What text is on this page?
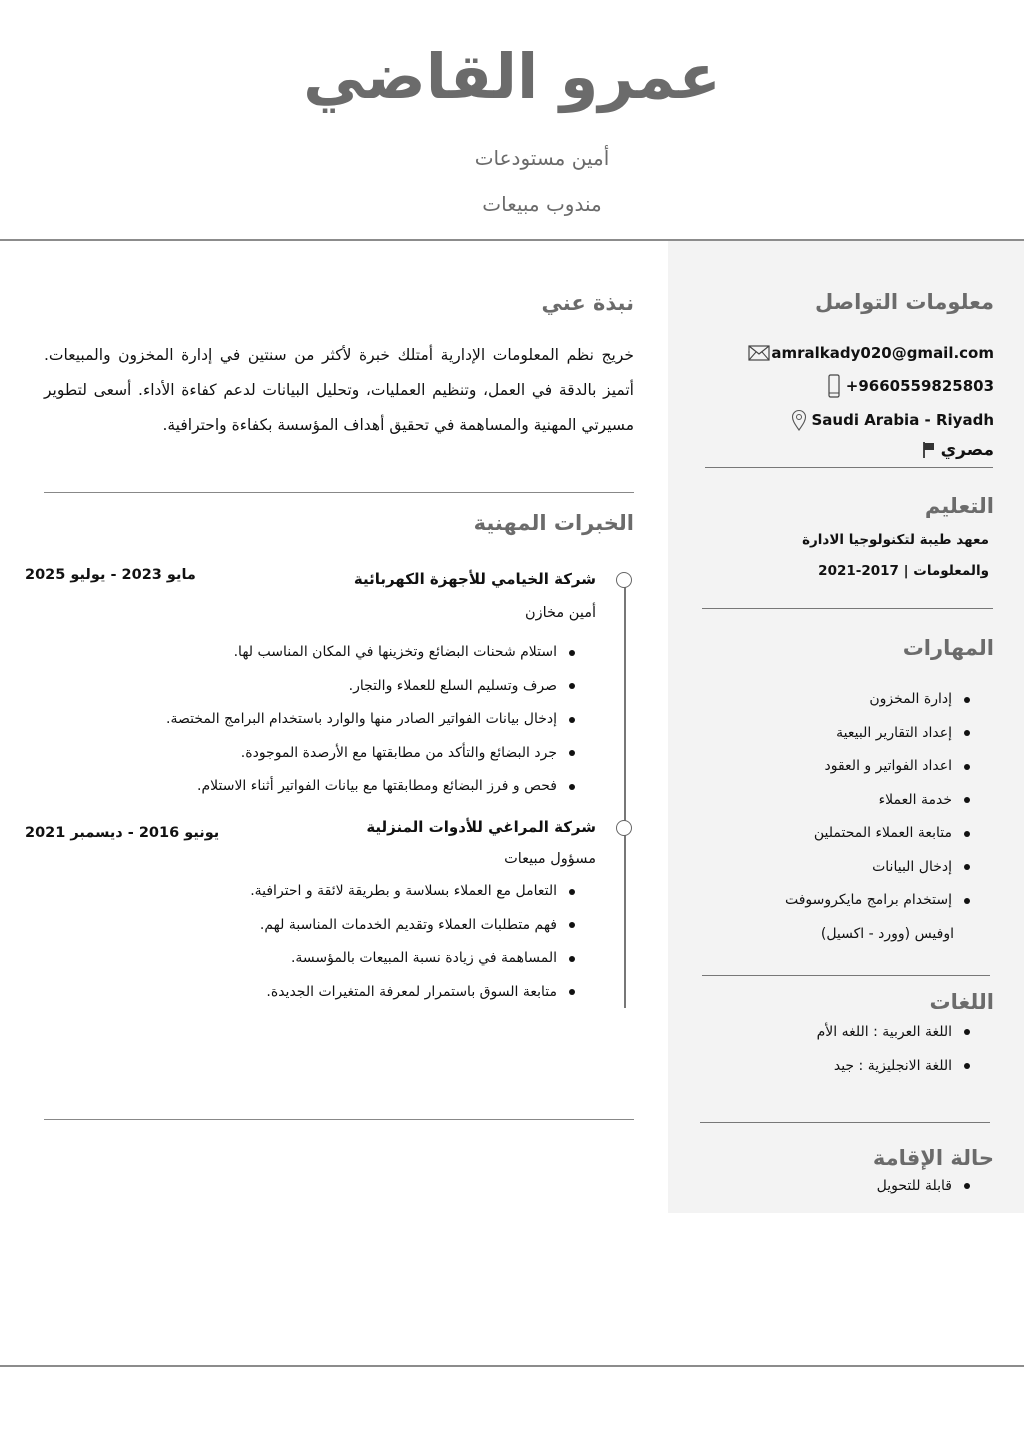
عمرو القاضي
أمين مستودعات
مندوب مبيعات
معلومات التواصل
amralkady020@gmail.com
+9660559825803
Saudi Arabia - Riyadh
مصري
التعليم
معهد طيبة لتكنولوجيا الادارة
والمعلومات | 2017-2021
المهارات
إدارة المخزون
إعداد التقارير البيعية
اعداد الفواتير و العقود
خدمة العملاء
متابعة العملاء المحتملين
إدخال البيانات
إستخدام برامج مايكروسوفت
اوفيس (وورد - اكسيل)
اللغات
اللغة العربية : اللغه الأم
اللغة الانجليزية : جيد
حالة الإقامة
قابلة للتحويل
نبذة عني
خريج نظم المعلومات الإدارية أمتلك خبرة لأكثر من سنتين في إدارة المخزون والمبيعات. أتميز بالدقة في العمل، وتنظيم العمليات، وتحليل البيانات لدعم كفاءة الأداء. أسعى لتطوير مسيرتي المهنية والمساهمة في تحقيق أهداف المؤسسة بكفاءة واحترافية.
الخبرات المهنية
شركة الخيامي للأجهزة الكهربائية
مايو 2023 - يوليو 2025
أمين مخازن
استلام شحنات البضائع وتخزينها في المكان المناسب لها.
صرف وتسليم السلع للعملاء والتجار.
إدخال بيانات الفواتير الصادر منها والوارد باستخدام البرامج المختصة.
جرد البضائع والتأكد من مطابقتها مع الأرصدة الموجودة.
فحص و فرز البضائع ومطابقتها مع بيانات الفواتير أثناء الاستلام.
شركة المراغي للأدوات المنزلية
يونيو 2016 - ديسمبر 2021
مسؤول مبيعات
التعامل مع العملاء بسلاسة و بطريقة لائقة و احترافية.
فهم متطلبات العملاء وتقديم الخدمات المناسبة لهم.
المساهمة في زيادة نسبة المبيعات بالمؤسسة.
متابعة السوق باستمرار لمعرفة المتغيرات الجديدة.
